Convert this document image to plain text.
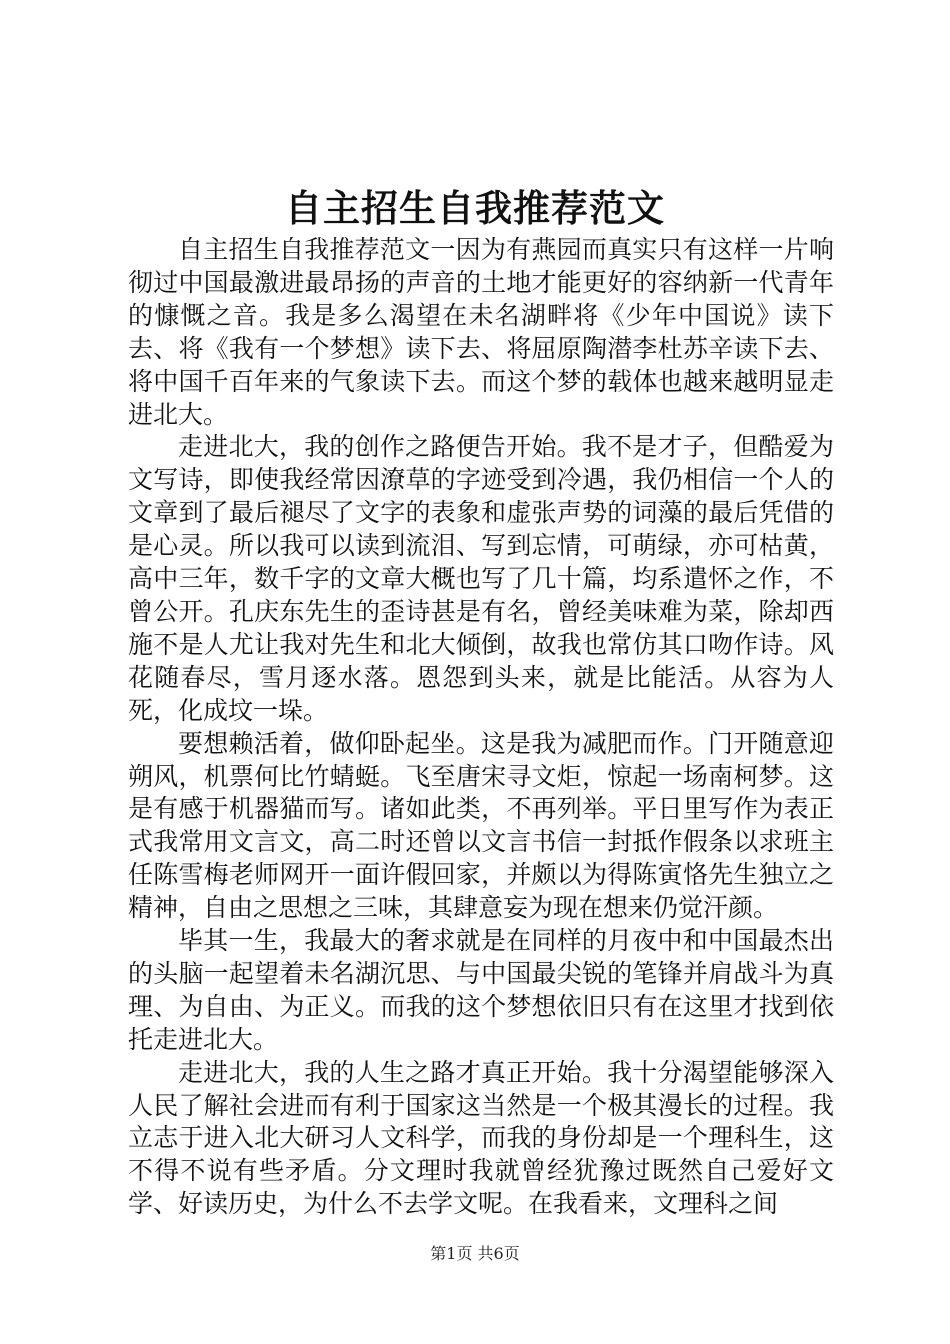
自主招生自我推荐范文

自主招生自我推荐范文一因为有燕园而真实只有这样一片响彻过中国最激进最昂扬的声音的土地才能更好的容纳新一代青年的慷慨之音。我是多么渴望在未名湖畔将《少年中国说》读下去、将《我有一个梦想》读下去、将屈原陶潜李杜苏辛读下去、将中国千百年来的气象读下去。而这个梦的载体也越来越明显走进北大。

走进北大，我的创作之路便告开始。我不是才子，但酷爱为文写诗，即使我经常因潦草的字迹受到冷遇，我仍相信一个人的文章到了最后褪尽了文字的表象和虚张声势的词藻的最后凭借的是心灵。所以我可以读到流泪、写到忘情，可萌绿，亦可枯黄，高中三年，数千字的文章大概也写了几十篇，均系遣怀之作，不曾公开。孔庆东先生的歪诗甚是有名，曾经美味难为菜，除却西施不是人尤让我对先生和北大倾倒，故我也常仿其口吻作诗。风花随春尽，雪月逐水落。恩怨到头来，就是比能活。从容为人死，化成坟一垛。

要想赖活着，做仰卧起坐。这是我为减肥而作。门开随意迎朔风，机票何比竹蜻蜓。飞至唐宋寻文炬，惊起一场南柯梦。这是有感于机器猫而写。诸如此类，不再列举。平日里写作为表正式我常用文言文，高二时还曾以文言书信一封抵作假条以求班主任陈雪梅老师网开一面许假回家，并颇以为得陈寅恪先生独立之精神，自由之思想之三味，其肆意妄为现在想来仍觉汗颜。

毕其一生，我最大的奢求就是在同样的月夜中和中国最杰出的头脑一起望着未名湖沉思、与中国最尖锐的笔锋并肩战斗为真理、为自由、为正义。而我的这个梦想依旧只有在这里才找到依托走进北大。

走进北大，我的人生之路才真正开始。我十分渴望能够深入人民了解社会进而有利于国家这当然是一个极其漫长的过程。我立志于进入北大研习人文科学，而我的身份却是一个理科生，这不得不说有些矛盾。分文理时我就曾经犹豫过既然自己爱好文学、好读历史，为什么不去学文呢。在我看来，文理科之间

第1页 共6页
